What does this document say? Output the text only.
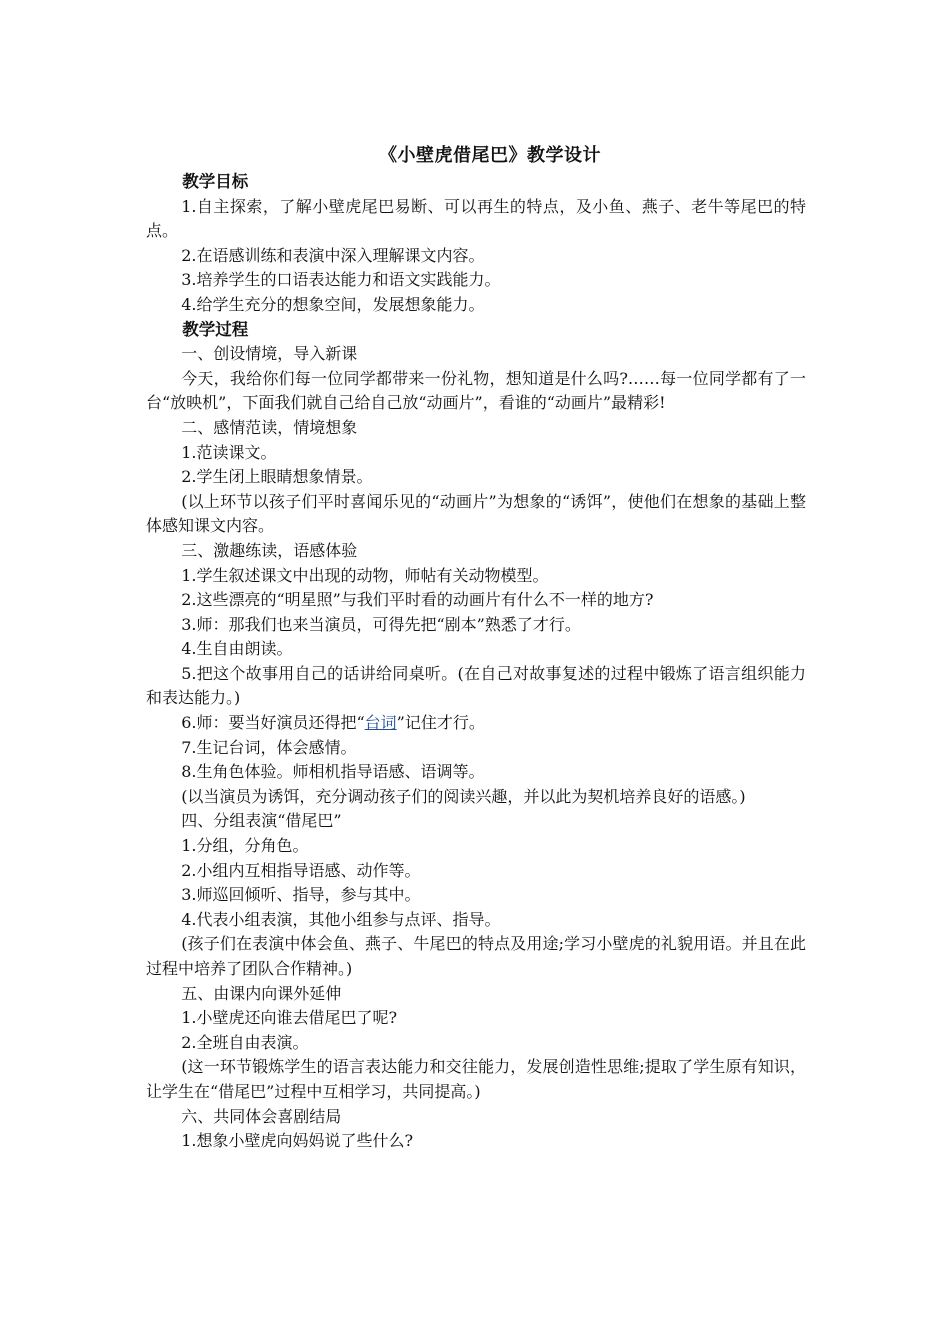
《小壁虎借尾巴》教学设计
教学目标
1.自主探索，了解小壁虎尾巴易断、可以再生的特点，及小鱼、燕子、老牛等尾巴的特点。
2.在语感训练和表演中深入理解课文内容。
3.培养学生的口语表达能力和语文实践能力。
4.给学生充分的想象空间，发展想象能力。
教学过程
一、创设情境，导入新课
今天，我给你们每一位同学都带来一份礼物，想知道是什么吗?……每一位同学都有了一台“放映机”，下面我们就自己给自己放“动画片”，看谁的“动画片”最精彩!
二、感情范读，情境想象
1.范读课文。
2.学生闭上眼睛想象情景。
(以上环节以孩子们平时喜闻乐见的“动画片”为想象的“诱饵”，使他们在想象的基础上整体感知课文内容。
三、激趣练读，语感体验
1.学生叙述课文中出现的动物，师帖有关动物模型。
2.这些漂亮的“明星照”与我们平时看的动画片有什么不一样的地方?
3.师：那我们也来当演员，可得先把“剧本”熟悉了才行。
4.生自由朗读。
5.把这个故事用自己的话讲给同桌听。(在自己对故事复述的过程中锻炼了语言组织能力和表达能力。)
6.师：要当好演员还得把“台词”记住才行。
7.生记台词，体会感情。
8.生角色体验。师相机指导语感、语调等。
(以当演员为诱饵，充分调动孩子们的阅读兴趣，并以此为契机培养良好的语感。)
四、分组表演“借尾巴”
1.分组，分角色。
2.小组内互相指导语感、动作等。
3.师巡回倾听、指导，参与其中。
4.代表小组表演，其他小组参与点评、指导。
(孩子们在表演中体会鱼、燕子、牛尾巴的特点及用途;学习小壁虎的礼貌用语。并且在此过程中培养了团队合作精神。)
五、由课内向课外延伸
1.小壁虎还向谁去借尾巴了呢?
2.全班自由表演。
(这一环节锻炼学生的语言表达能力和交往能力，发展创造性思维;提取了学生原有知识，让学生在“借尾巴”过程中互相学习，共同提高。)
六、共同体会喜剧结局
1.想象小壁虎向妈妈说了些什么?
